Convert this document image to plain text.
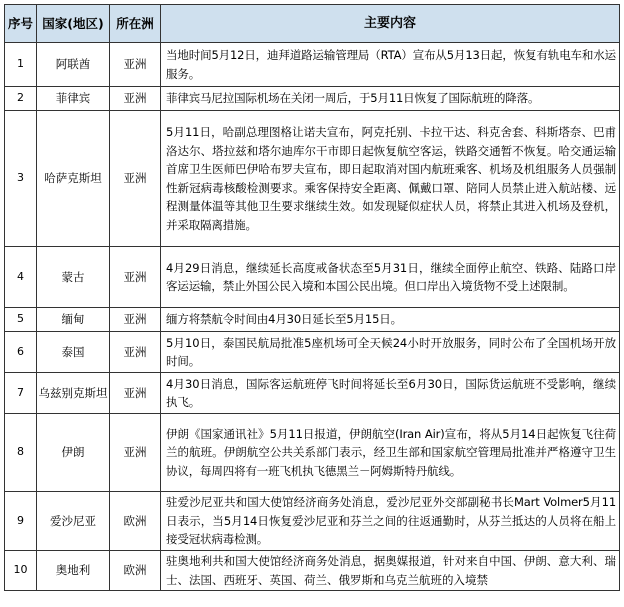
序号	国家(地区)	所在洲	主要内容
1	阿联酋	亚洲	当地时间5月12日，迪拜道路运输管理局（RTA）宣布从5月13日起，恢复有轨电车和水运服务。
2	菲律宾	亚洲	菲律宾马尼拉国际机场在关闭一周后，于5月11日恢复了国际航班的降落。
3	哈萨克斯坦	亚洲	5月11日，哈副总理图格让诺夫宣布，阿克托别、卡拉干达、科克舍套、科斯塔奈、巴甫洛达尔、塔拉兹和塔尔迪库尔干市即日起恢复航空客运，铁路交通暂不恢复。哈交通运输首席卫生医师巴伊哈布罗夫宣布，即日起取消对国内航班乘客、机场及机组服务人员强制性新冠病毒核酸检测要求。乘客保持安全距离、佩戴口罩、陪同人员禁止进入航站楼、远程测量体温等其他卫生要求继续生效。如发现疑似症状人员，将禁止其进入机场及登机，并采取隔离措施。
4	蒙古	亚洲	4月29日消息，继续延长高度戒备状态至5月31日，继续全面停止航空、铁路、陆路口岸客运运输，禁止外国公民入境和本国公民出境。但口岸出入境货物不受上述限制。
5	缅甸	亚洲	缅方将禁航令时间由4月30日延长至5月15日。
6	泰国	亚洲	5月10日，泰国民航局批准5座机场可全天候24小时开放服务，同时公布了全国机场开放时间。
7	乌兹别克斯坦	亚洲	4月30日消息，国际客运航班停飞时间将延长至6月30日，国际货运航班不受影响，继续执飞。
8	伊朗	亚洲	伊朗《国家通讯社》5月11日报道，伊朗航空(Iran Air)宣布，将从5月14日起恢复飞往荷兰的航班。伊朗航空公共关系部门表示，经卫生部和国家航空管理局批准并严格遵守卫生协议，每周四将有一班飞机执飞德黑兰－阿姆斯特丹航线。
9	爱沙尼亚	欧洲	驻爱沙尼亚共和国大使馆经济商务处消息，爱沙尼亚外交部副秘书长Mart Volmer5月11日表示，当5月14日恢复爱沙尼亚和芬兰之间的往返通勤时，从芬兰抵达的人员将在船上接受冠状病毒检测。
10	奥地利	欧洲	驻奥地利共和国大使馆经济商务处消息，据奥媒报道，针对来自中国、伊朗、意大利、瑞士、法国、西班牙、英国、荷兰、俄罗斯和乌克兰航班的入境禁
